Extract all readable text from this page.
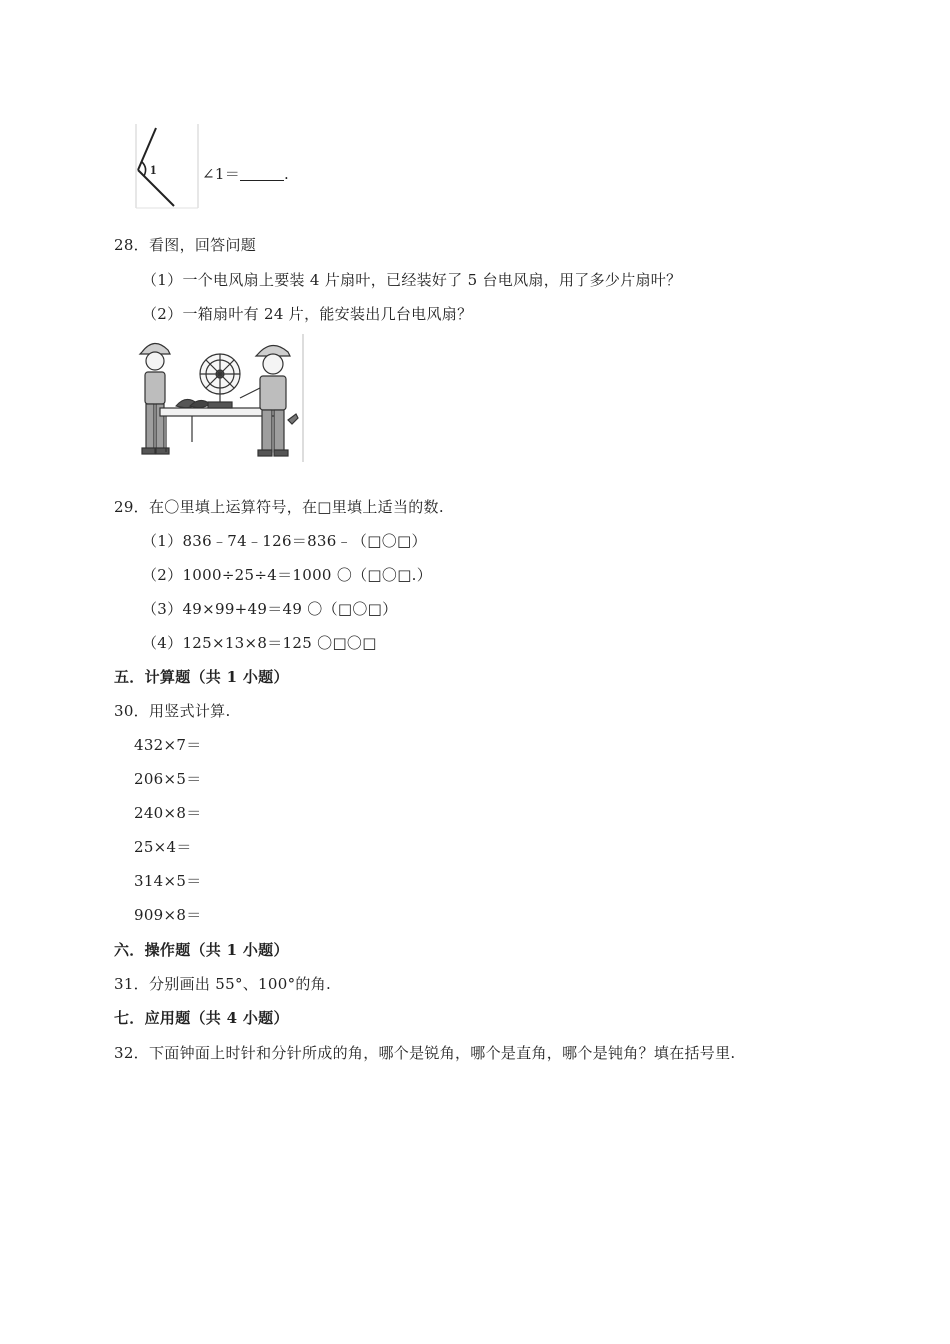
1	∠1＝	.
28．看图，回答问题
（1）一个电风扇上要装 4 片扇叶，已经装好了 5 台电风扇，用了多少片扇叶？
（2）一箱扇叶有 24 片，能安装出几台电风扇？
29．在〇里填上运算符号，在□里填上适当的数.
（1）836﹣74﹣126＝836﹣（□〇□）
（2）1000÷25÷4＝1000 〇（□〇□.）
（3）49×99+49＝49 〇（□〇□）
（4）125×13×8＝125 〇□〇□
五．计算题（共 1 小题）
30．用竖式计算.
432×7＝
206×5＝
240×8＝
25×4＝
314×5＝
909×8＝
六．操作题（共 1 小题）
31．分别画出 55°、100°的角.
七．应用题（共 4 小题）
32．下面钟面上时针和分针所成的角，哪个是锐角，哪个是直角，哪个是钝角？填在括号里.
